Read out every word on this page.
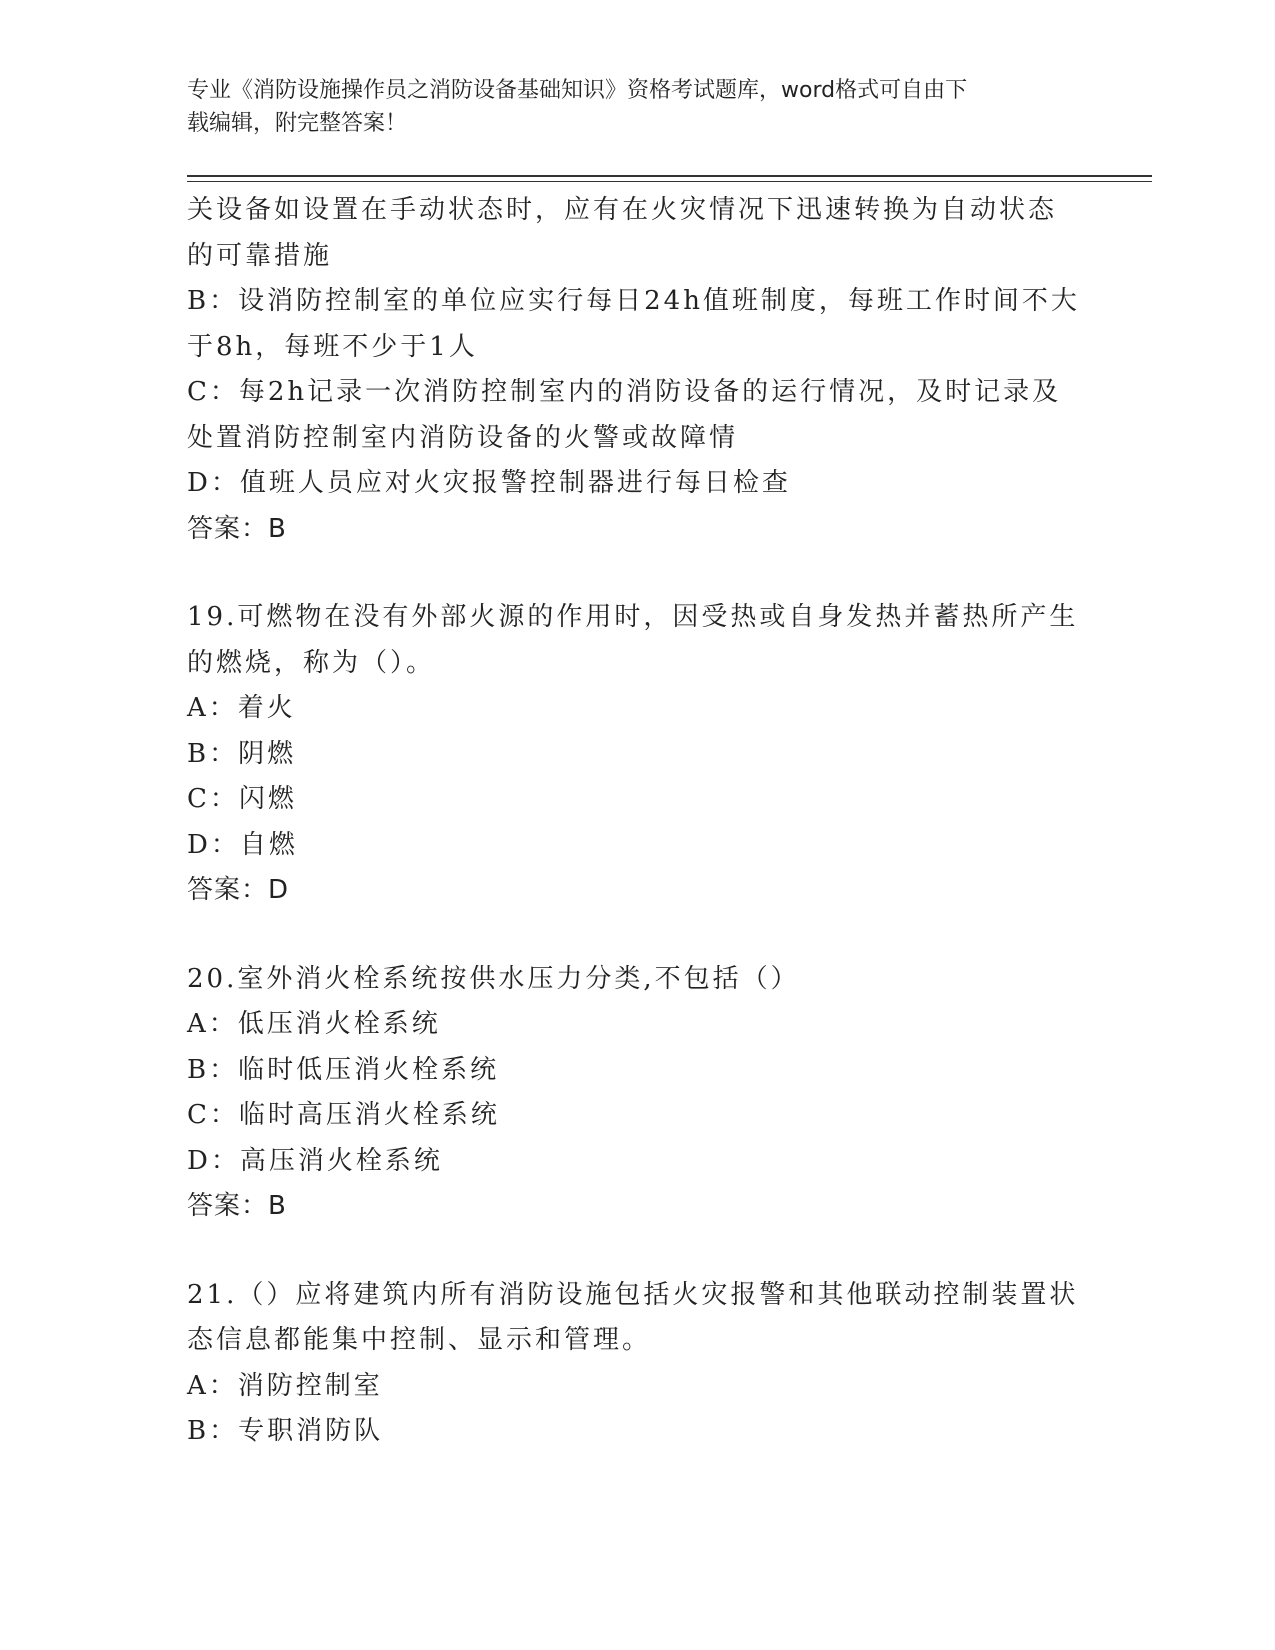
专业《消防设施操作员之消防设备基础知识》资格考试题库，word格式可自由下
载编辑，附完整答案！
关设备如设置在手动状态时，应有在火灾情况下迅速转换为自动状态
的可靠措施
B：设消防控制室的单位应实行每日24h值班制度，每班工作时间不大
于8h，每班不少于1人
C：每2h记录一次消防控制室内的消防设备的运行情况，及时记录及
处置消防控制室内消防设备的火警或故障情
D：值班人员应对火灾报警控制器进行每日检查
答案：B
19.可燃物在没有外部火源的作用时，因受热或自身发热并蓄热所产生
的燃烧，称为（）。
A：着火
B：阴燃
C：闪燃
D：自燃
答案：D
20.室外消火栓系统按供水压力分类,不包括（）
A：低压消火栓系统
B：临时低压消火栓系统
C：临时高压消火栓系统
D：高压消火栓系统
答案：B
21.（）应将建筑内所有消防设施包括火灾报警和其他联动控制装置状
态信息都能集中控制、显示和管理。
A：消防控制室
B：专职消防队
